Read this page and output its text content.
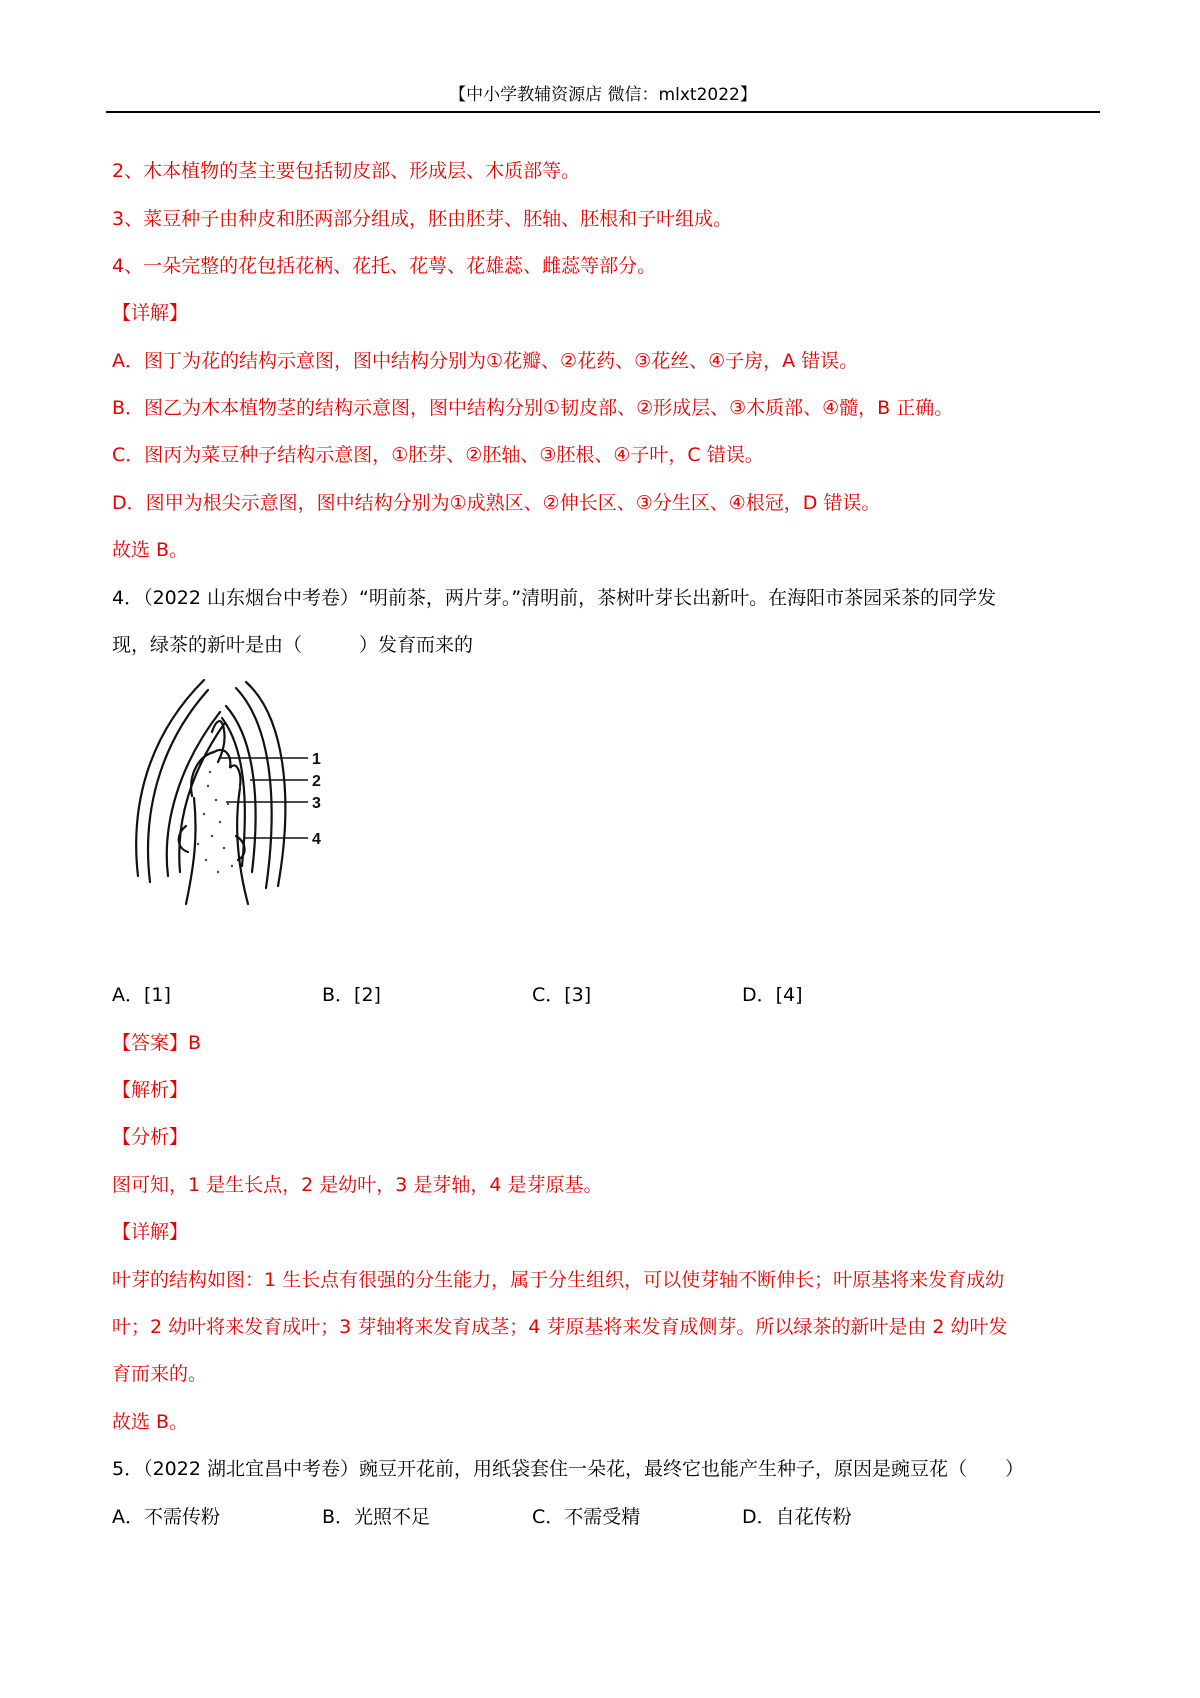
【中小学教辅资源店 微信：mlxt2022】
2、木本植物的茎主要包括韧皮部、形成层、木质部等。
3、菜豆种子由种皮和胚两部分组成，胚由胚芽、胚轴、胚根和子叶组成。
4、一朵完整的花包括花柄、花托、花萼、花雄蕊、雌蕊等部分。
【详解】
A．图丁为花的结构示意图，图中结构分别为①花瓣、②花药、③花丝、④子房，A 错误。
B．图乙为木本植物茎的结构示意图，图中结构分别①韧皮部、②形成层、③木质部、④髓，B 正确。
C．图丙为菜豆种子结构示意图，①胚芽、②胚轴、③胚根、④子叶，C 错误。
D．图甲为根尖示意图，图中结构分别为①成熟区、②伸长区、③分生区、④根冠，D 错误。
故选 B。
4．（2022 山东烟台中考卷）“明前茶，两片芽。”清明前，茶树叶芽长出新叶。在海阳市茶园采茶的同学发
现，绿茶的新叶是由（　　　）发育而来的
1
2
3
4
A．[1]	B．[2]	C．[3]	D．[4]
【答案】B
【解析】
【分析】
图可知，1 是生长点，2 是幼叶，3 是芽轴，4 是芽原基。
【详解】
叶芽的结构如图：1 生长点有很强的分生能力，属于分生组织，可以使芽轴不断伸长；叶原基将来发育成幼
叶；2 幼叶将来发育成叶；3 芽轴将来发育成茎；4 芽原基将来发育成侧芽。所以绿茶的新叶是由 2 幼叶发
育而来的。
故选 B。
5．（2022 湖北宜昌中考卷）豌豆开花前，用纸袋套住一朵花，最终它也能产生种子，原因是豌豆花（　　）
A．不需传粉	B．光照不足	C．不需受精	D．自花传粉
